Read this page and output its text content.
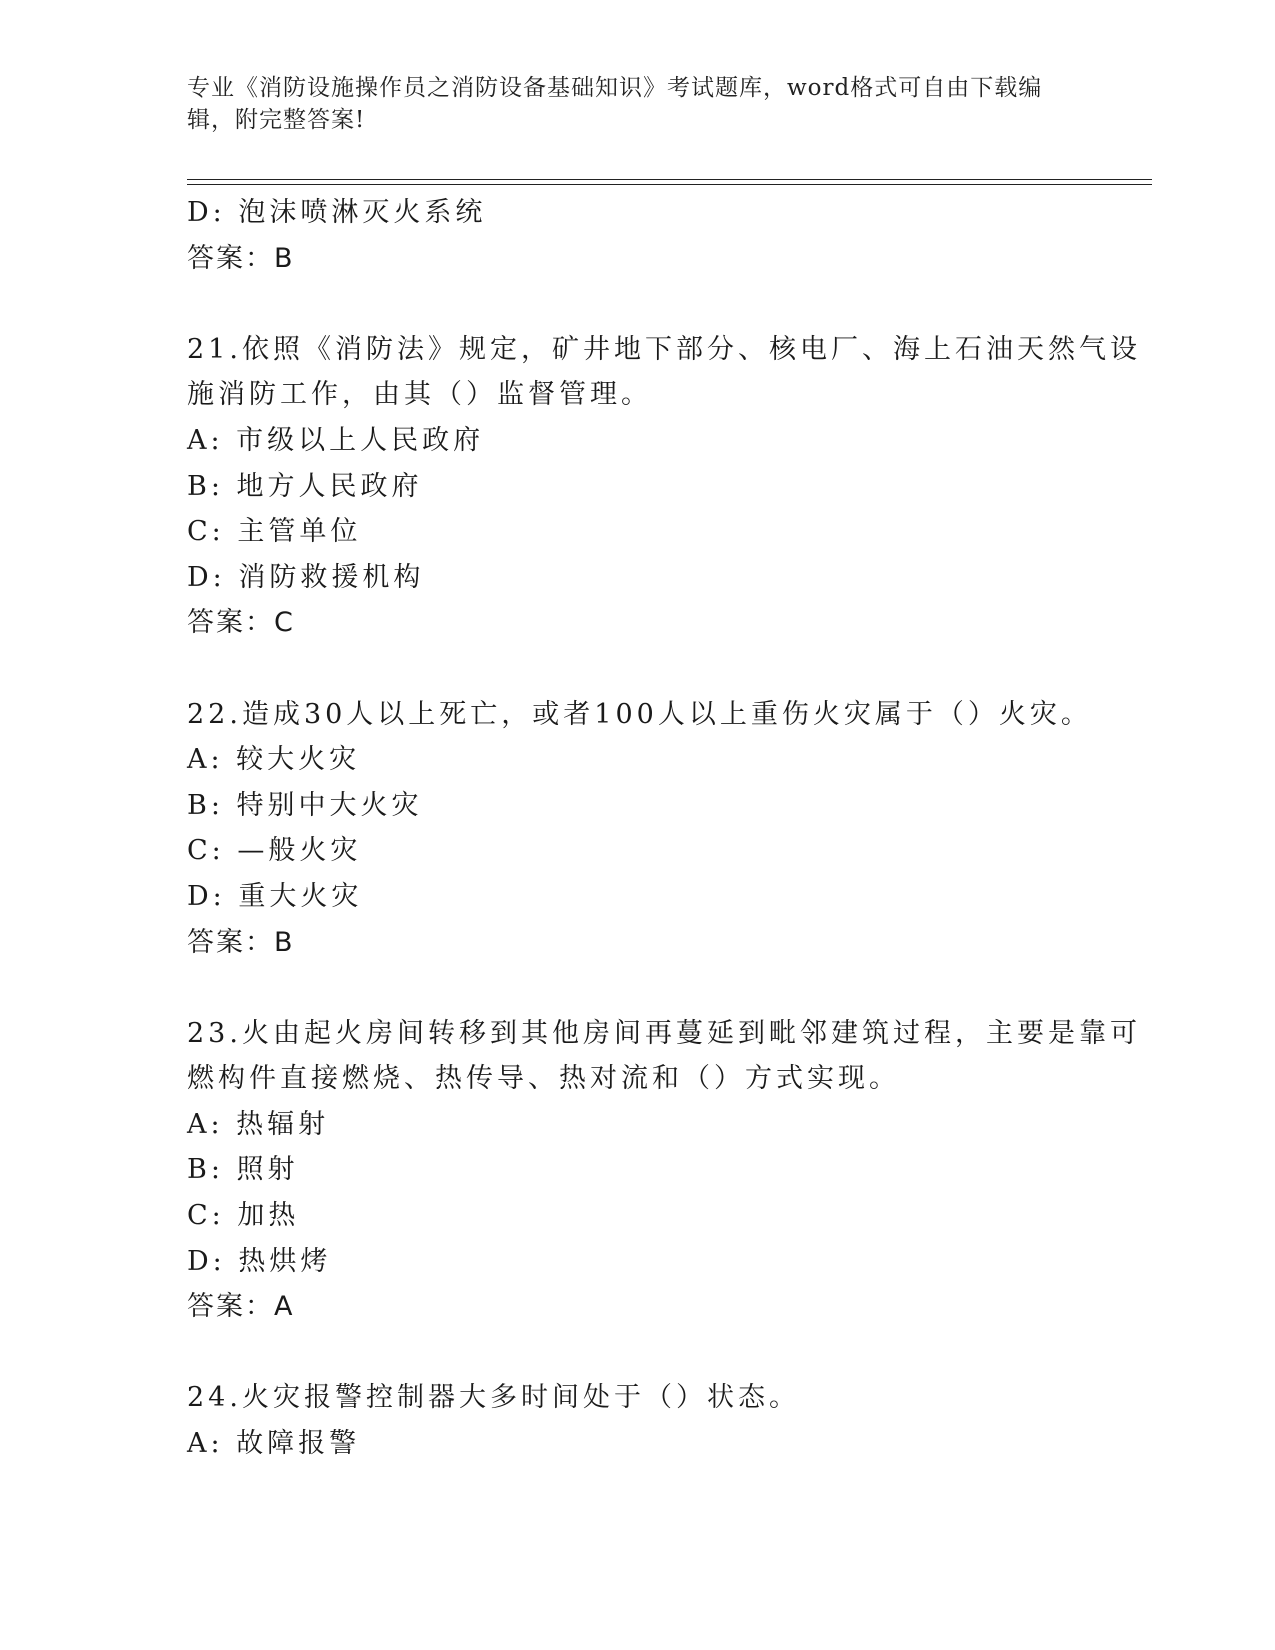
专业《消防设施操作员之消防设备基础知识》考试题库，word格式可自由下载编辑，附完整答案!
D: 泡沫喷淋灭火系统
答案：B
21.依照《消防法》规定，矿井地下部分、核电厂、海上石油天然气设
施消防工作，由其（）监督管理。
A: 市级以上人民政府
B: 地方人民政府
C: 主管单位
D: 消防救援机构
答案：C
22.造成30人以上死亡，或者100人以上重伤火灾属于（）火灾。
A: 较大火灾
B: 特别中大火灾
C: —般火灾
D: 重大火灾
答案：B
23.火由起火房间转移到其他房间再蔓延到毗邻建筑过程，主要是靠可
燃构件直接燃烧、热传导、热对流和（）方式实现。
A: 热辐射
B: 照射
C: 加热
D: 热烘烤
答案：A
24.火灾报警控制器大多时间处于（）状态。
A: 故障报警
